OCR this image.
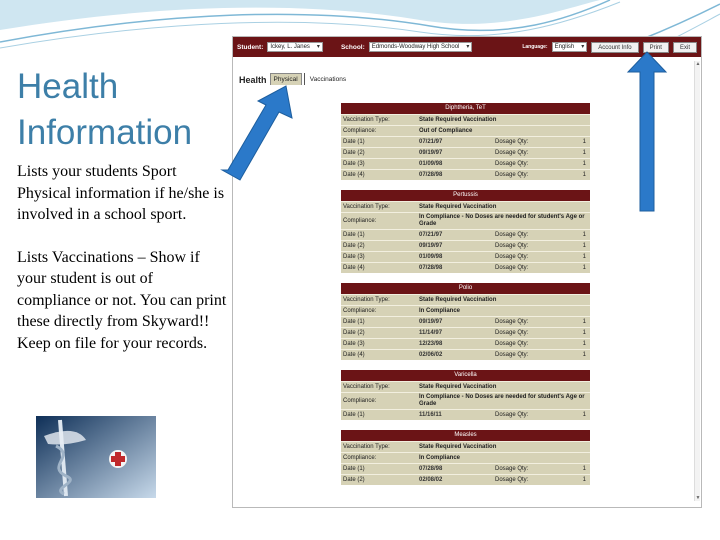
Health Information

Lists your students Sport Physical information if he/she is involved in a school sport.

Lists Vaccinations – Show if your student is out of compliance or not. You can print these directly from Skyward!! Keep on file for your records.

Student:	Ickey, L. Janes ▾	School:	Edmonds-Woodway High School ▾	Language:	English ▾	Account Info	Print	Exit
Health	Physical	Vaccinations
Diphtheria, TeT
Vaccination Type:	State Required Vaccination
Compliance:	Out of Compliance
Date (1)	07/21/97	Dosage Qty:	1
Date (2)	09/19/97	Dosage Qty:	1
Date (3)	01/09/98	Dosage Qty:	1
Date (4)	07/28/98	Dosage Qty:	1
Pertussis
Vaccination Type:	State Required Vaccination
Compliance:
In Compliance - No Doses are needed for student's Age or Grade
Date (1)	07/21/97	Dosage Qty:	1
Date (2)	09/19/97	Dosage Qty:	1
Date (3)	01/09/98	Dosage Qty:	1
Date (4)	07/28/98	Dosage Qty:	1
Polio
Vaccination Type:	State Required Vaccination
Compliance:	In Compliance
Date (1)	09/19/97	Dosage Qty:	1
Date (2)	11/14/97	Dosage Qty:	1
Date (3)	12/23/98	Dosage Qty:	1
Date (4)	02/06/02	Dosage Qty:	1
Varicella
Vaccination Type:	State Required Vaccination
Compliance:
In Compliance - No Doses are needed for student's Age or Grade
Date (1)	11/16/11	Dosage Qty:	1
Measles
Vaccination Type:	State Required Vaccination
Compliance:	In Compliance
Date (1)	07/28/98	Dosage Qty:	1
Date (2)	02/08/02	Dosage Qty:	1
▲
▼
